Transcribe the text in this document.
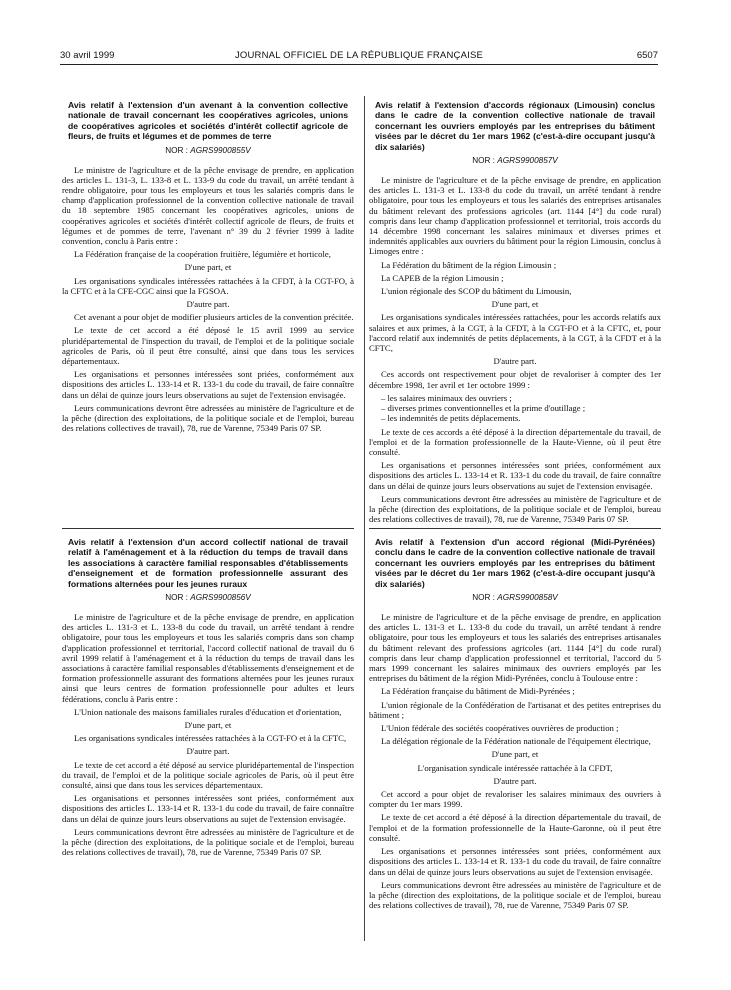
30 avril 1999	JOURNAL OFFICIEL DE LA RÉPUBLIQUE FRANÇAISE	6507
Avis relatif à l'extension d'un avenant à la convention collective nationale de travail concernant les coopératives agricoles, unions de coopératives agricoles et sociétés d'intérêt collectif agricole de fleurs, de fruits et légumes et de pommes de terre
NOR : AGRS9900855V

Le ministre de l'agriculture et de la pêche envisage de prendre, en application des articles L. 131-3, L. 133-8 et L. 133-9 du code du travail, un arrêté tendant à rendre obligatoire, pour tous les employeurs et tous les salariés compris dans le champ d'application professionnel de la convention collective nationale de travail du 18 septembre 1985 concernant les coopératives agricoles, unions de coopératives agricoles et sociétés d'intérêt collectif agricole de fleurs, de fruits et légumes et de pommes de terre, l'avenant n° 39 du 2 février 1999 à ladite convention, conclu à Paris entre :

La Fédération française de la coopération fruitière, légumière et horticole,

D'une part, et

Les organisations syndicales intéressées rattachées à la CFDT, à la CGT-FO, à la CFTC et à la CFE-CGC ainsi que la FGSOA.

D'autre part.

Cet avenant a pour objet de modifier plusieurs articles de la convention précitée.

Le texte de cet accord a été déposé le 15 avril 1999 au service pluridépartemental de l'inspection du travail, de l'emploi et de la politique sociale agricoles de Paris, où il peut être consulté, ainsi que dans tous les services départementaux.

Les organisations et personnes intéressées sont priées, conformément aux dispositions des articles L. 133-14 et R. 133-1 du code du travail, de faire connaître dans un délai de quinze jours leurs observations au sujet de l'extension envisagée.

Leurs communications devront être adressées au ministère de l'agriculture et de la pêche (direction des exploitations, de la politique sociale et de l'emploi, bureau des relations collectives de travail), 78, rue de Varenne, 75349 Paris 07 SP.

Avis relatif à l'extension d'un accord collectif national de travail relatif à l'aménagement et à la réduction du temps de travail dans les associations à caractère familial responsables d'établissements d'enseignement et de formation professionnelle assurant des formations alternées pour les jeunes ruraux
NOR : AGRS9900856V

Le ministre de l'agriculture et de la pêche envisage de prendre, en application des articles L. 131-3 et L. 133-8 du code du travail, un arrêté tendant à rendre obligatoire, pour tous les employeurs et tous les salariés compris dans son champ d'application professionnel et territorial, l'accord collectif national de travail du 6 avril 1999 relatif à l'aménagement et à la réduction du temps de travail dans les associations à caractère familial responsables d'établissements d'enseignement et de formation professionnelle assurant des formations alternées pour les jeunes ruraux ainsi que leurs centres de formation professionnelle pour adultes et leurs fédérations, conclu à Paris entre :

L'Union nationale des maisons familiales rurales d'éducation et d'orientation,

D'une part, et

Les organisations syndicales intéressées rattachées à la CGT-FO et à la CFTC,

D'autre part.

Le texte de cet accord a été déposé au service pluridépartemental de l'inspection du travail, de l'emploi et de la politique sociale agricoles de Paris, où il peut être consulté, ainsi que dans tous les services départementaux.

Les organisations et personnes intéressées sont priées, conformément aux dispositions des articles L. 133-14 et R. 133-1 du code du travail, de faire connaître dans un délai de quinze jours leurs observations au sujet de l'extension envisagée.

Leurs communications devront être adressées au ministère de l'agriculture et de la pêche (direction des exploitations, de la politique sociale et de l'emploi, bureau des relations collectives de travail), 78, rue de Varenne, 75349 Paris 07 SP.

Avis relatif à l'extension d'accords régionaux (Limousin) conclus dans le cadre de la convention collective nationale de travail concernant les ouvriers employés par les entreprises du bâtiment visées par le décret du 1er mars 1962 (c'est-à-dire occupant jusqu'à dix salariés)
NOR : AGRS9900857V

Le ministre de l'agriculture et de la pêche envisage de prendre, en application des articles L. 131-3 et L. 133-8 du code du travail, un arrêté tendant à rendre obligatoire, pour tous les employeurs et tous les salariés des entreprises artisanales du bâtiment relevant des professions agricoles (art. 1144 [4°] du code rural) compris dans leur champ d'application professionnel et territorial, trois accords du 14 décembre 1998 concernant les salaires minimaux et diverses primes et indemnités applicables aux ouvriers du bâtiment pour la région Limousin, conclus à Limoges entre :

La Fédération du bâtiment de la région Limousin ;

La CAPEB de la région Limousin ;

L'union régionale des SCOP du bâtiment du Limousin,

D'une part, et

Les organisations syndicales intéressées rattachées, pour les accords relatifs aux salaires et aux primes, à la CGT, à la CFDT, à la CGT-FO et à la CFTC, et, pour l'accord relatif aux indemnités de petits déplacements, à la CGT, à la CFDT et à la CFTC,

D'autre part.

Ces accords ont respectivement pour objet de revaloriser à compter des 1er décembre 1998, 1er avril et 1er octobre 1999 :

– les salaires minimaux des ouvriers ;
– diverses primes conventionnelles et la prime d'outillage ;
– les indemnités de petits déplacements.

Le texte de ces accords a été déposé à la direction départementale du travail, de l'emploi et de la formation professionnelle de la Haute-Vienne, où il peut être consulté.

Les organisations et personnes intéressées sont priées, conformément aux dispositions des articles L. 133-14 et R. 133-1 du code du travail, de faire connaître dans un délai de quinze jours leurs observations au sujet de l'extension envisagée.

Leurs communications devront être adressées au ministère de l'agriculture et de la pêche (direction des exploitations, de la politique sociale et de l'emploi, bureau des relations collectives de travail), 78, rue de Varenne, 75349 Paris 07 SP.

Avis relatif à l'extension d'un accord régional (Midi-Pyrénées) conclu dans le cadre de la convention collective nationale de travail concernant les ouvriers employés par les entreprises du bâtiment visées par le décret du 1er mars 1962 (c'est-à-dire occupant jusqu'à dix salariés)
NOR : AGRS9900858V

Le ministre de l'agriculture et de la pêche envisage de prendre, en application des articles L. 131-3 et L. 133-8 du code du travail, un arrêté tendant à rendre obligatoire, pour tous les employeurs et tous les salariés des entreprises artisanales du bâtiment relevant des professions agricoles (art. 1144 [4°] du code rural) compris dans leur champ d'application professionnel et territorial, l'accord du 5 mars 1999 concernant les salaires minimaux des ouvriers employés par les entreprises du bâtiment de la région Midi-Pyrénées, conclu à Toulouse entre :

La Fédération française du bâtiment de Midi-Pyrénées ;

L'union régionale de la Confédération de l'artisanat et des petites entreprises du bâtiment ;

L'Union fédérale des sociétés coopératives ouvrières de production ;

La délégation régionale de la Fédération nationale de l'équipement électrique,

D'une part, et

L'organisation syndicale intéressée rattachée à la CFDT,

D'autre part.

Cet accord a pour objet de revaloriser les salaires minimaux des ouvriers à compter du 1er mars 1999.

Le texte de cet accord a été déposé à la direction départementale du travail, de l'emploi et de la formation professionnelle de la Haute-Garonne, où il peut être consulté.

Les organisations et personnes intéressées sont priées, conformément aux dispositions des articles L. 133-14 et R. 133-1 du code du travail, de faire connaître dans un délai de quinze jours leurs observations au sujet de l'extension envisagée.

Leurs communications devront être adressées au ministère de l'agriculture et de la pêche (direction des exploitations, de la politique sociale et de l'emploi, bureau des relations collectives de travail), 78, rue de Varenne, 75349 Paris 07 SP.
